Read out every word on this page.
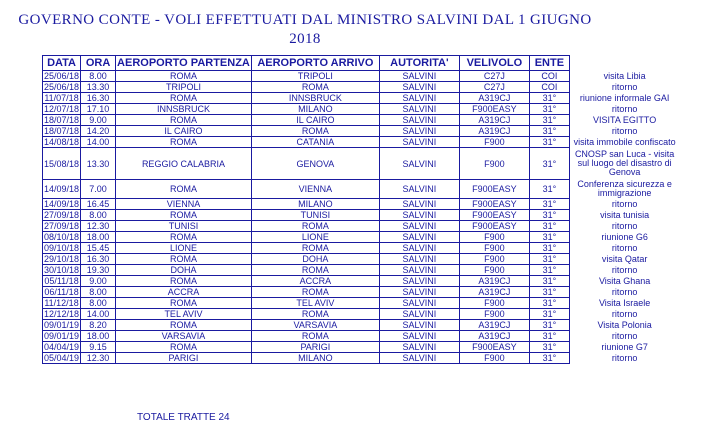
GOVERNO CONTE - VOLI EFFETTUATI DAL MINISTRO SALVINI DAL 1 GIUGNO
2018
DATA	ORA	AEROPORTO PARTENZA	AEROPORTO ARRIVO	AUTORITA'	VELIVOLO	ENTE	
25/06/18	8.00	ROMA	TRIPOLI	SALVINI	C27J	COI	visita Libia
25/06/18	13.30	TRIPOLI	ROMA	SALVINI	C27J	COI	ritorno
11/07/18	16.30	ROMA	INNSBRUCK	SALVINI	A319CJ	31°	riunione informale GAI
12/07/18	17.10	INNSBRUCK	MILANO	SALVINI	F900EASY	31°	ritorno
18/07/18	9.00	ROMA	IL CAIRO	SALVINI	A319CJ	31°	VISITA EGITTO
18/07/18	14.20	IL CAIRO	ROMA	SALVINI	A319CJ	31°	ritorno
14/08/18	14.00	ROMA	CATANIA	SALVINI	F900	31°	visita immobile confiscato
15/08/18	13.30	REGGIO CALABRIA	GENOVA	SALVINI	F900	31°	CNOSP san Luca - visita sul luogo del disastro di Genova
14/09/18	7.00	ROMA	VIENNA	SALVINI	F900EASY	31°	Conferenza sicurezza e immigrazione
14/09/18	16.45	VIENNA	MILANO	SALVINI	F900EASY	31°	ritorno
27/09/18	8.00	ROMA	TUNISI	SALVINI	F900EASY	31°	visita tunisia
27/09/18	12.30	TUNISI	ROMA	SALVINI	F900EASY	31°	ritorno
08/10/18	18.00	ROMA	LIONE	SALVINI	F900	31°	riunione G6
09/10/18	15.45	LIONE	ROMA	SALVINI	F900	31°	ritorno
29/10/18	16.30	ROMA	DOHA	SALVINI	F900	31°	visita Qatar
30/10/18	19.30	DOHA	ROMA	SALVINI	F900	31°	ritorno
05/11/18	9.00	ROMA	ACCRA	SALVINI	A319CJ	31°	Visita Ghana
06/11/18	8.00	ACCRA	ROMA	SALVINI	A319CJ	31°	ritorno
11/12/18	8.00	ROMA	TEL AVIV	SALVINI	F900	31°	Visita Israele
12/12/18	14.00	TEL AVIV	ROMA	SALVINI	F900	31°	ritorno
09/01/19	8.20	ROMA	VARSAVIA	SALVINI	A319CJ	31°	Visita Polonia
09/01/19	18.00	VARSAVIA	ROMA	SALVINI	A319CJ	31°	ritorno
04/04/19	9.15	ROMA	PARIGI	SALVINI	F900EASY	31°	riunione G7
05/04/19	12.30	PARIGI	MILANO	SALVINI	F900	31°	ritorno
TOTALE TRATTE 24
